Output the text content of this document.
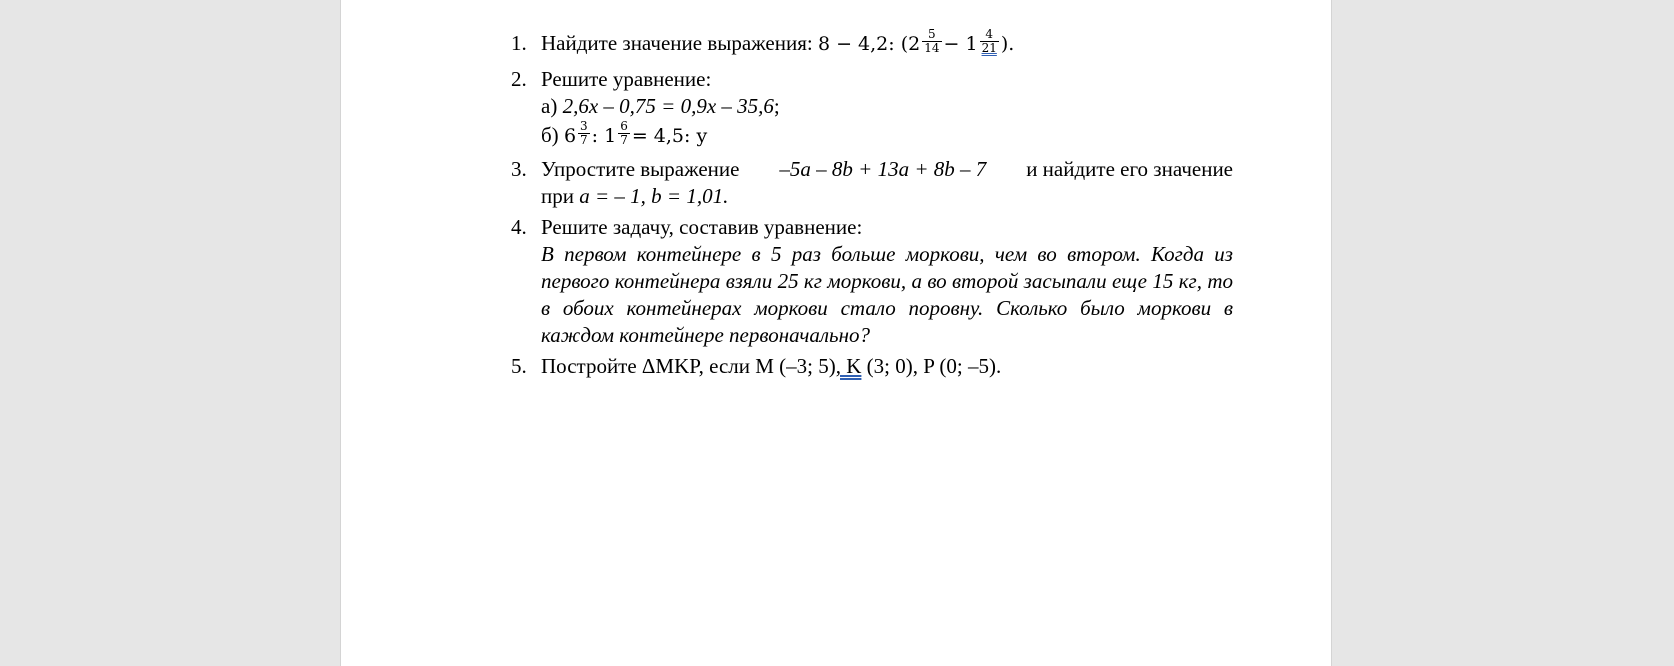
1. Найдите значение выражения: 8 − 4,2: ($2 \frac{5}{14} - 1 \frac{4}{21}$ ).
2. Решите уравнение:
а) 2,6x – 0,75 = 0,9x – 35,6;
б) $6 \frac{3}{7}$ : $1 \frac{6}{7} = 4,5$: y
3. Упростите выражение –5a – 8b + 13a + 8b – 7 и найдите его значение
при a = – 1, b = 1,01.
4. Решите задачу, составив уравнение:
В первом контейнере в 5 раз больше моркови, чем во втором. Когда из первого контейнера взяли 25 кг моркови, а во второй засыпали еще 15 кг, то в обоих контейнерах моркови стало поровну. Сколько было моркови в каждом контейнере первоначально?
5. Постройте ΔMKP, если M (–3; 5), K (3; 0), P (0; –5).
